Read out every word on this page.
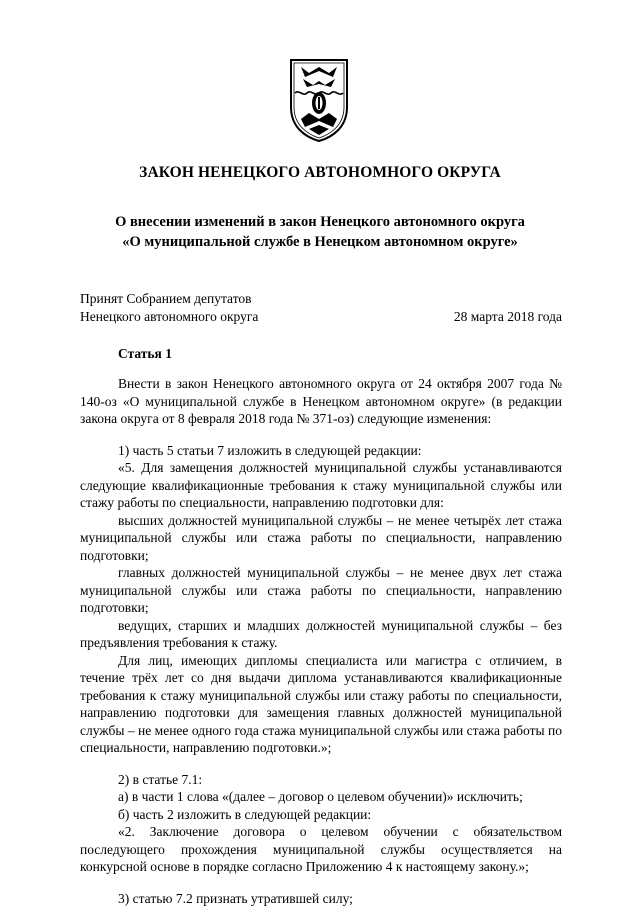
ЗАКОН НЕНЕЦКОГО АВТОНОМНОГО ОКРУГА
О внесении изменений в закон Ненецкого автономного округа
«О муниципальной службе в Ненецком автономном округе»
Принят Собранием депутатов
Ненецкого автономного округа	28 марта 2018 года
Статья 1

Внести в закон Ненецкого автономного округа от 24 октября 2007 года № 140-оз «О муниципальной службе в Ненецком автономном округе» (в редакции закона округа от 8 февраля 2018 года № 371-оз) следующие изменения:

1) часть 5 статьи 7 изложить в следующей редакции:

«5. Для замещения должностей муниципальной службы устанавливаются следующие квалификационные требования к стажу муниципальной службы или стажу работы по специальности, направлению подготовки для:

высших должностей муниципальной службы – не менее четырёх лет стажа муниципальной службы или стажа работы по специальности, направлению подготовки;

главных должностей муниципальной службы – не менее двух лет стажа муниципальной службы или стажа работы по специальности, направлению подготовки;

ведущих, старших и младших должностей муниципальной службы – без предъявления требования к стажу.

Для лиц, имеющих дипломы специалиста или магистра с отличием, в течение трёх лет со дня выдачи диплома устанавливаются квалификационные требования к стажу муниципальной службы или стажу работы по специальности, направлению подготовки для замещения главных должностей муниципальной службы – не менее одного года стажа муниципальной службы или стажа работы по специальности, направлению подготовки.»;

2) в статье 7.1:

а) в части 1 слова «(далее – договор о целевом обучении)» исключить;

б) часть 2 изложить в следующей редакции:

«2. Заключение договора о целевом обучении с обязательством последующего прохождения муниципальной службы осуществляется на конкурсной основе в порядке согласно Приложению 4 к настоящему закону.»;

3) статью 7.2 признать утратившей силу;
